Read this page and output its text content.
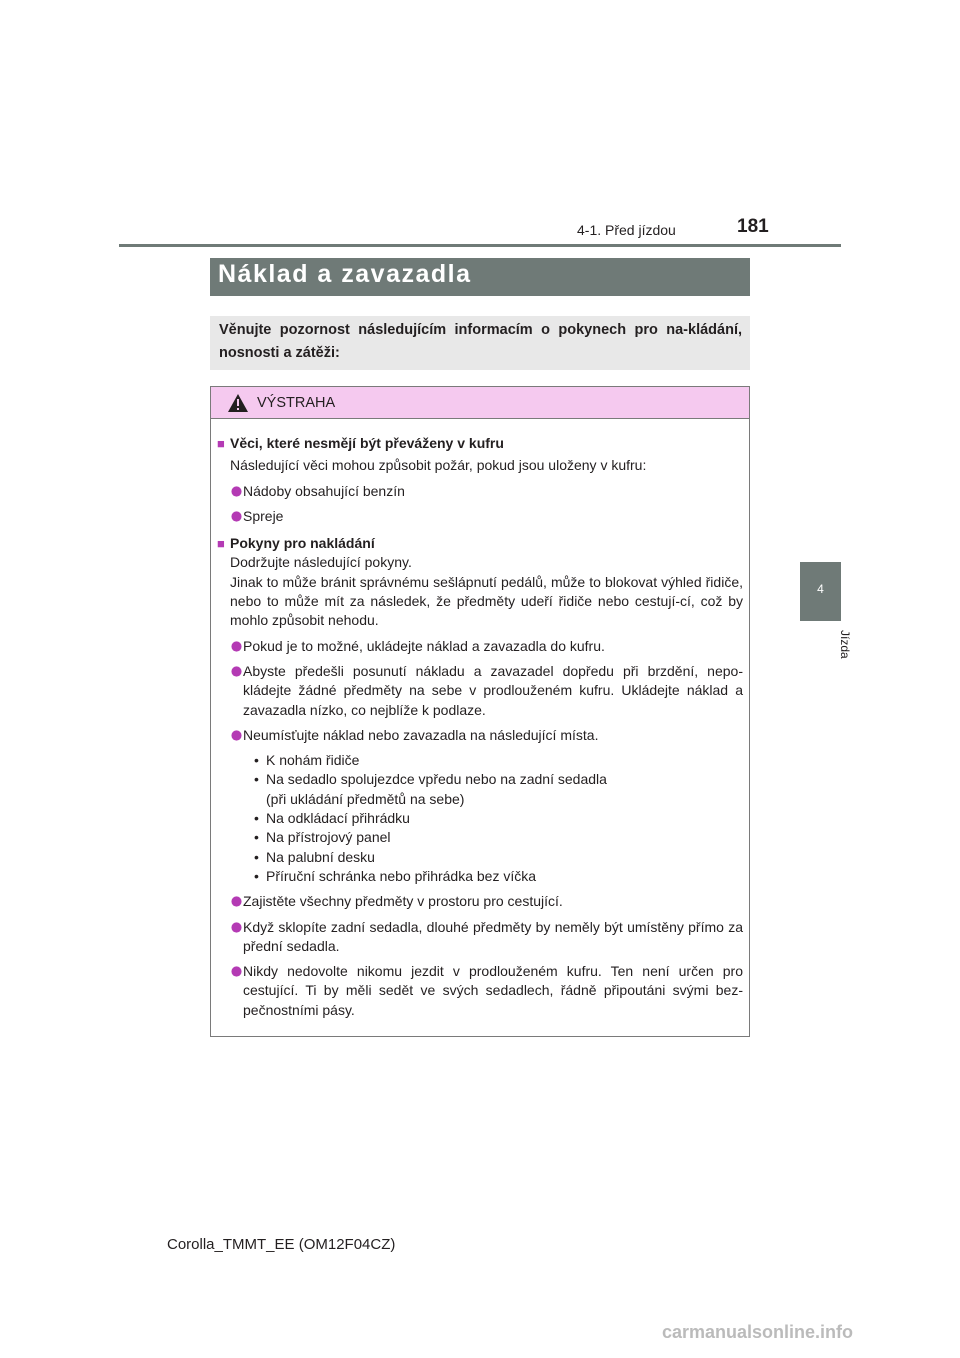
4-1. Před jízdou	181
4
Jízda
Náklad a zavazadla
Věnujte pozornost následujícím informacím o pokynech pro na-kládání, nosnosti a zátěži:
VÝSTRAHA
■ Věci, které nesmějí být převáženy v kufru
Následující věci mohou způsobit požár, pokud jsou uloženy v kufru:
Nádoby obsahující benzín
Spreje
■ Pokyny pro nakládání
Dodržujte následující pokyny.
Jinak to může bránit správnému sešlápnutí pedálů, může to blokovat výhled řidiče, nebo to může mít za následek, že předměty udeří řidiče nebo cestují-cí, což by mohlo způsobit nehodu.
Pokud je to možné, ukládejte náklad a zavazadla do kufru.
Abyste předešli posunutí nákladu a zavazadel dopředu při brzdění, nepo-kládejte žádné předměty na sebe v prodlouženém kufru. Ukládejte náklad a zavazadla nízko, co nejblíže k podlaze.
Neumísťujte náklad nebo zavazadla na následující místa.
• K nohám řidiče
• Na sedadlo spolujezdce vpředu nebo na zadní sedadla
(při ukládání předmětů na sebe)
• Na odkládací přihrádku
• Na přístrojový panel
• Na palubní desku
• Příruční schránka nebo přihrádka bez víčka
Zajistěte všechny předměty v prostoru pro cestující.
Když sklopíte zadní sedadla, dlouhé předměty by neměly být umístěny přímo za přední sedadla.
Nikdy nedovolte nikomu jezdit v prodlouženém kufru. Ten není určen pro cestující. Ti by měli sedět ve svých sedadlech, řádně připoutáni svými bez-pečnostními pásy.
Corolla_TMMT_EE (OM12F04CZ)
carmanualsonline.info
